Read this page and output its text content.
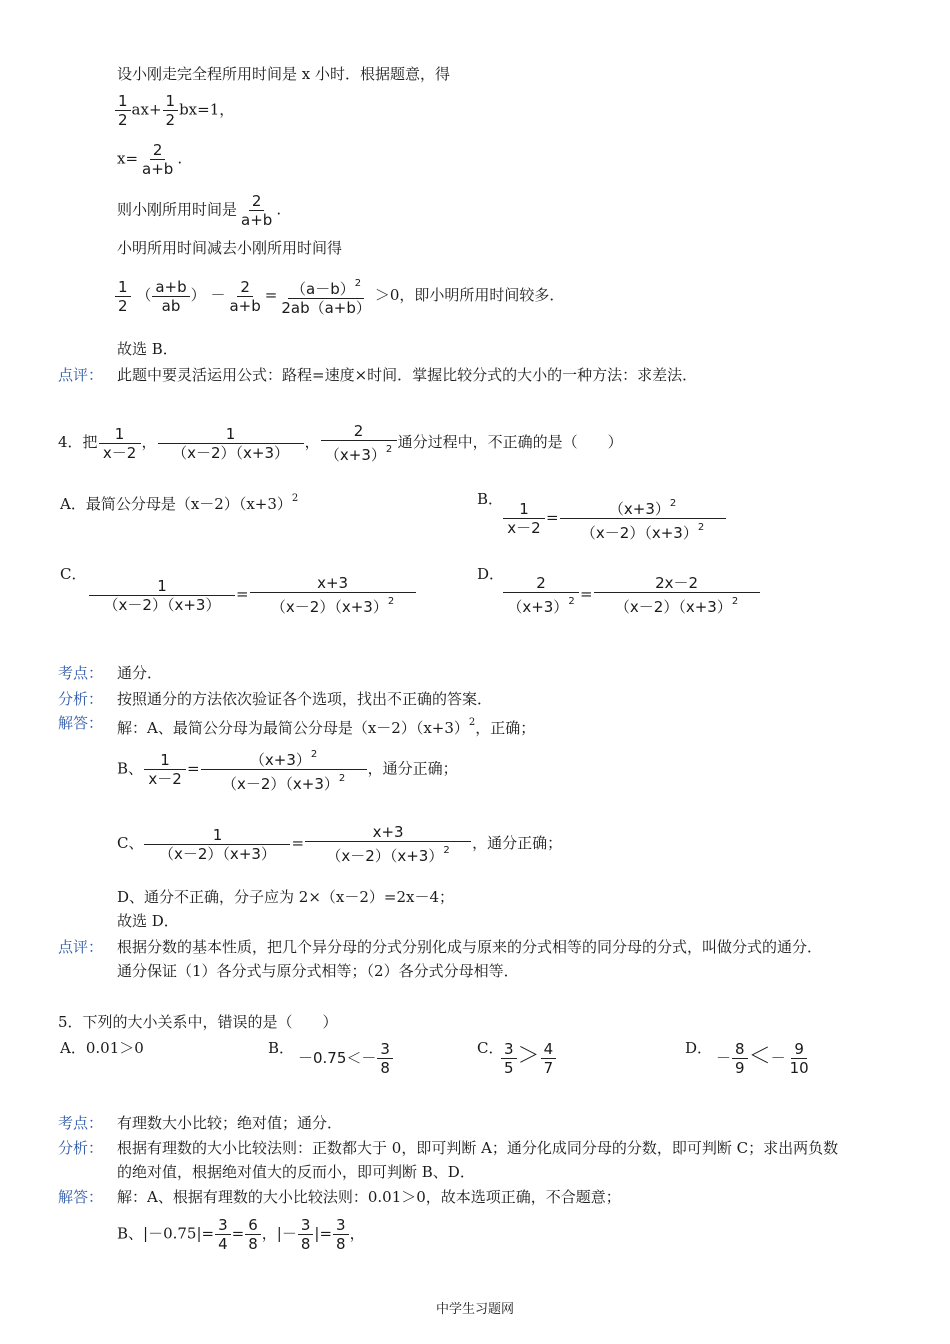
设小刚走完全程所用时间是 x 小时．根据题意，得
$\frac{1}{2} ax+ \frac{1}{2} bx=1$，
$x= \frac{2}{a+b}$ .
则小刚所用时间是 $\frac{2}{a+b}$ .
小明所用时间减去小刚所用时间得
$\frac{1}{2}$ （ $\frac{a+b}{ab}$ ） － $\frac{2}{a+b} = \frac{(a-b)^2}{2ab(a+b)} >0$，即小明所用时间较多．
故选 B．
点评： 此题中要灵活运用公式：路程=速度×时间．掌握比较分式的大小的一种方法：求差法．
4．把 $\frac{1}{x-2}$ ， $\frac{1}{(x-2)(x+3)}$ ， $\frac{2}{(x+3)^2}$ 通分过程中，不正确的是（　　）
A．最简公分母是$(x-2)(x+3)^2$	B．
$\frac{1}{x-2} = \frac{(x+3)^2}{(x-2)(x+3)^2}$
C．
$\frac{1}{(x-2)(x+3)} = \frac{x+3}{(x-2)(x+3)^2}$	D．
$\frac{2}{(x+3)^2} = \frac{2x-2}{(x-2)(x+3)^2}$
考点： 通分．
分析： 按照通分的方法依次验证各个选项，找出不正确的答案．
解答： 解：A、最简公分母为最简公分母是$(x-2)(x+3)^2$，正确；
B、 $\frac{1}{x-2} = \frac{(x+3)^2}{(x-2)(x+3)^2}$ ，通分正确；
C、 $\frac{1}{(x-2)(x+3)} = \frac{x+3}{(x-2)(x+3)^2}$ ，通分正确；
D、通分不正确，分子应为 2×（x－2）=2x－4；
故选 D．
点评： 根据分数的基本性质，把几个异分母的分式分别化成与原来的分式相等的同分母的分式，叫做分式的通分．
通分保证（1）各分式与原分式相等；（2）各分式分母相等．
5．下列的大小关系中，错误的是（　　）
A．0.01＞0	B．
$-0.75<- \frac{3}{8}$	C．
$\frac{3}{5} > \frac{4}{7}$	D．
－ $\frac{8}{9} <- \frac{9}{10}$
考点： 有理数大小比较；绝对值；通分．
分析： 根据有理数的大小比较法则：正数都大于 0，即可判断 A；通分化成同分母的分数，即可判断 C；求出两负数
的绝对值，根据绝对值大的反而小，即可判断 B、D．
解答： 解：A、根据有理数的大小比较法则：0.01＞0，故本选项正确，不合题意；
B、$|-0.75|= \frac{3}{4} = \frac{6}{8}$ ，|－ $\frac{3}{8}$ |= $\frac{3}{8}$ ，
中学生习题网
